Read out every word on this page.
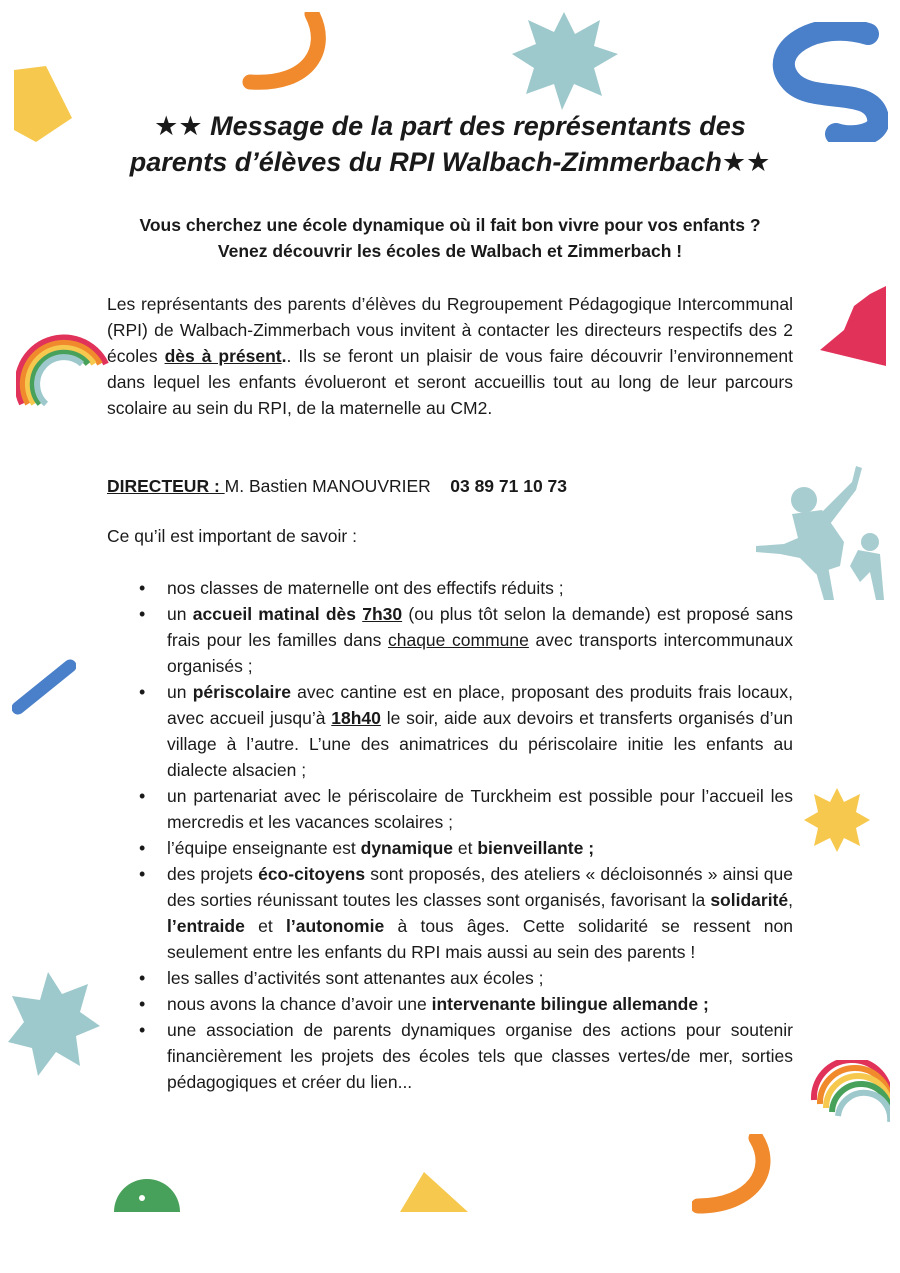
★★ Message de la part des représentants des
parents d’élèves du RPI Walbach-Zimmerbach★★

Vous cherchez une école dynamique où il fait bon vivre pour vos enfants ?
Venez découvrir les écoles de Walbach et Zimmerbach !

Les représentants des parents d’élèves du Regroupement Pédagogique Intercommunal (RPI) de Walbach-Zimmerbach vous invitent à contacter les directeurs respectifs des 2 écoles dès à présent.. Ils se feront un plaisir de vous faire découvrir l’environnement dans lequel les enfants évolueront et seront accueillis tout au long de leur parcours scolaire au sein du RPI, de la maternelle au CM2.

DIRECTEUR : M. Bastien MANOUVRIER 03 89 71 10 73

Ce qu’il est important de savoir :

• nos classes de maternelle ont des effectifs réduits ;
• un accueil matinal dès 7h30 (ou plus tôt selon la demande) est proposé sans frais pour les familles dans chaque commune avec transports intercommunaux organisés ;
• un périscolaire avec cantine est en place, proposant des produits frais locaux, avec accueil jusqu’à 18h40 le soir, aide aux devoirs et transferts organisés d’un village à l’autre. L’une des animatrices du périscolaire initie les enfants au dialecte alsacien ;
• un partenariat avec le périscolaire de Turckheim est possible pour l’accueil les mercredis et les vacances scolaires ;
• l’équipe enseignante est dynamique et bienveillante ;
• des projets éco-citoyens sont proposés, des ateliers « décloisonnés » ainsi que des sorties réunissant toutes les classes sont organisés, favorisant la solidarité, l’entraide et l’autonomie à tous âges. Cette solidarité se ressent non seulement entre les enfants du RPI mais aussi au sein des parents !
• les salles d’activités sont attenantes aux écoles ;
• nous avons la chance d’avoir une intervenante bilingue allemande ;
• une association de parents dynamiques organise des actions pour soutenir financièrement les projets des écoles tels que classes vertes/de mer, sorties pédagogiques et créer du lien...
